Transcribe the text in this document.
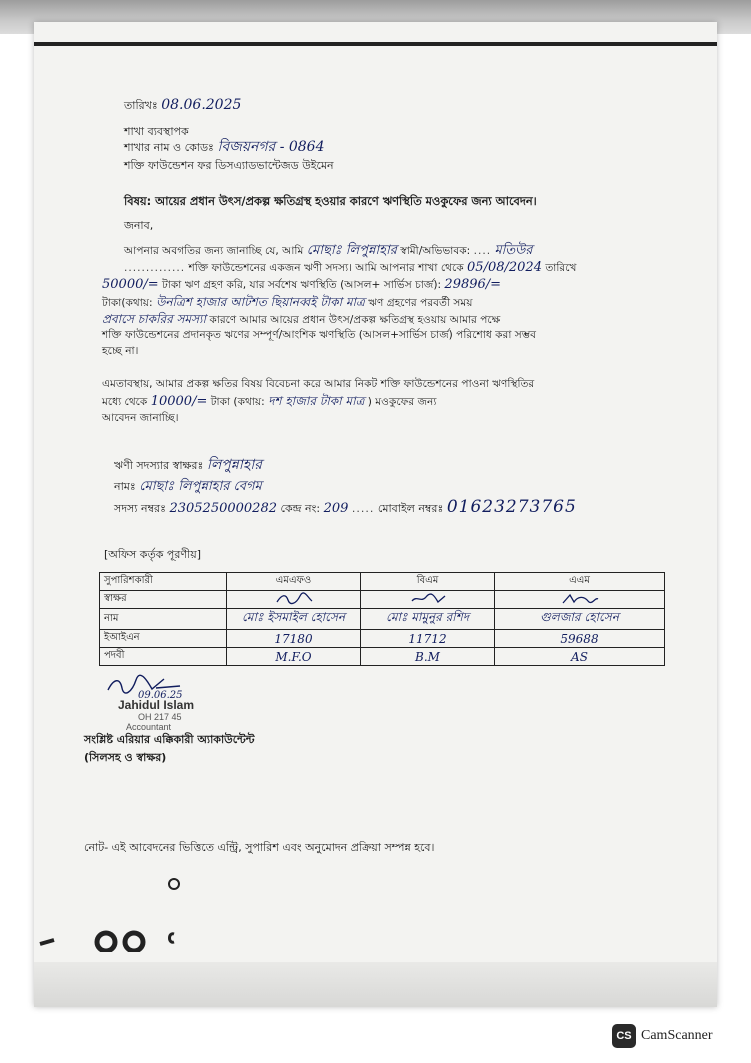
তারিখঃ 08.06.2025
শাখা ব্যবস্থাপক
শাখার নাম ও কোডঃ বিজয়নগর - 0864
শক্তি ফাউন্ডেশন ফর ডিসএ্যাডভান্টেজড উইমেন
বিষয়: আয়ের প্রধান উৎস/প্রকল্প ক্ষতিগ্রস্থ হওয়ার কারণে ঋণস্থিতি মওকুফের জন্য আবেদন।
জনাব,
আপনার অবগতির জন্য জানাচ্ছি যে, আমি মোছাঃ লিপুন্নাহার স্বামী/অভিভাবক: .... মতিউর
.............. শক্তি ফাউন্ডেশনের একজন ঋণী সদস্য। আমি আপনার শাখা থেকে 05/08/2024 তারিখে
50000/= টাকা ঋণ গ্রহণ করি, যার সর্বশেষ ঋণস্থিতি (আসল+ সার্ভিস চার্জ): 29896/=
টাকা(কথায়: উনত্রিশ হাজার আটশত ছিয়ানব্বই টাকা মাত্র ঋণ গ্রহণের পরবর্তী সময়
প্রবাসে চাকরির সমস্যা কারণে আমার আয়ের প্রধান উৎস/প্রকল্প ক্ষতিগ্রস্থ হওয়ায় আমার পক্ষে
শক্তি ফাউন্ডেশনের প্রদানকৃত ঋণের সম্পূর্ণ/আংশিক ঋণস্থিতি (আসল+সার্ভিস চার্জ) পরিশোধ করা সম্ভব
হচ্ছে না।
এমতাবস্থায়, আমার প্রকল্প ক্ষতির বিষয় বিবেচনা করে আমার নিকট শক্তি ফাউন্ডেশনের পাওনা ঋণস্থিতির
মধ্যে থেকে 10000/= টাকা (কথায়: দশ হাজার টাকা মাত্র ) মওকুফের জন্য
আবেদন জানাচ্ছি।
ঋণী সদস্যার স্বাক্ষরঃ লিপুন্নাহার
নামঃ মোছাঃ লিপুন্নাহার বেগম
সদস্য নম্বরঃ 2305250000282 কেন্দ্র নং: 209 ..... মোবাইল নম্বরঃ 01623273765
[অফিস কর্তৃক পূরণীয়]
সুপারিশকারী	এমএফও	বিএম	এএম
স্বাক্ষর			
নাম	মোঃ ইসমাইল হোসেন	মোঃ মামুনুর রশিদ	গুলজার হোসেন
ইআইএন	17180	11712	59688
পদবী	M.F.O	B.M	AS
09.06.25
Jahidul Islam
OH 217 45
Accountant
সংশ্লিষ্ট এরিয়ার এক্কিকারী অ্যাকাউন্টেন্ট
(সিলসহ ও স্বাক্ষর)
নোট- এই আবেদনের ভিত্তিতে এন্ট্রি, সুপারিশ এবং অনুমোদন প্রক্রিয়া সম্পন্ন হবে।
CS CamScanner
